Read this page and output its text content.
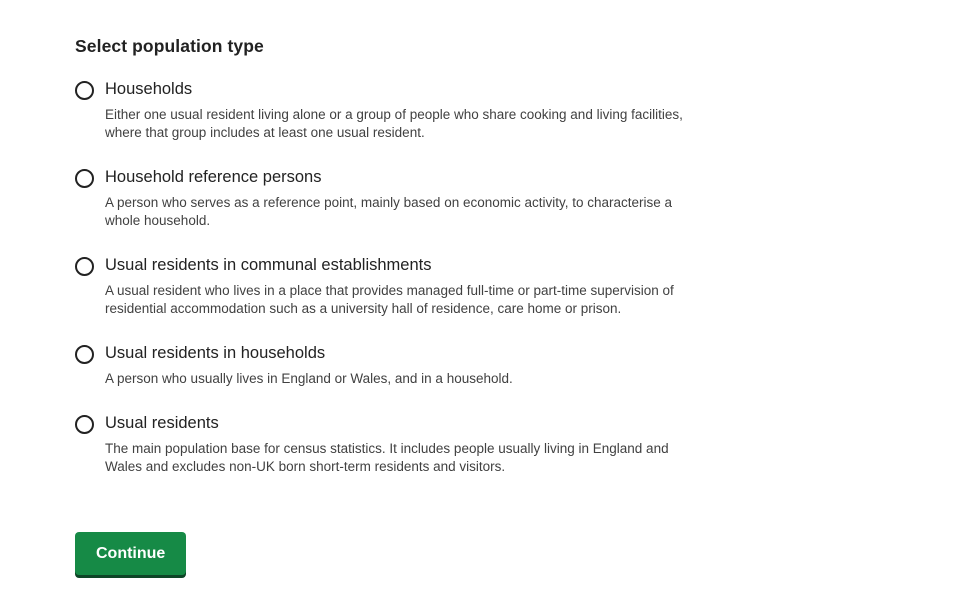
Select population type
Households
Either one usual resident living alone or a group of people who share cooking and living facilities, where that group includes at least one usual resident.
Household reference persons
A person who serves as a reference point, mainly based on economic activity, to characterise a whole household.
Usual residents in communal establishments
A usual resident who lives in a place that provides managed full-time or part-time supervision of residential accommodation such as a university hall of residence, care home or prison.
Usual residents in households
A person who usually lives in England or Wales, and in a household.
Usual residents
The main population base for census statistics. It includes people usually living in England and Wales and excludes non-UK born short-term residents and visitors.
Continue
